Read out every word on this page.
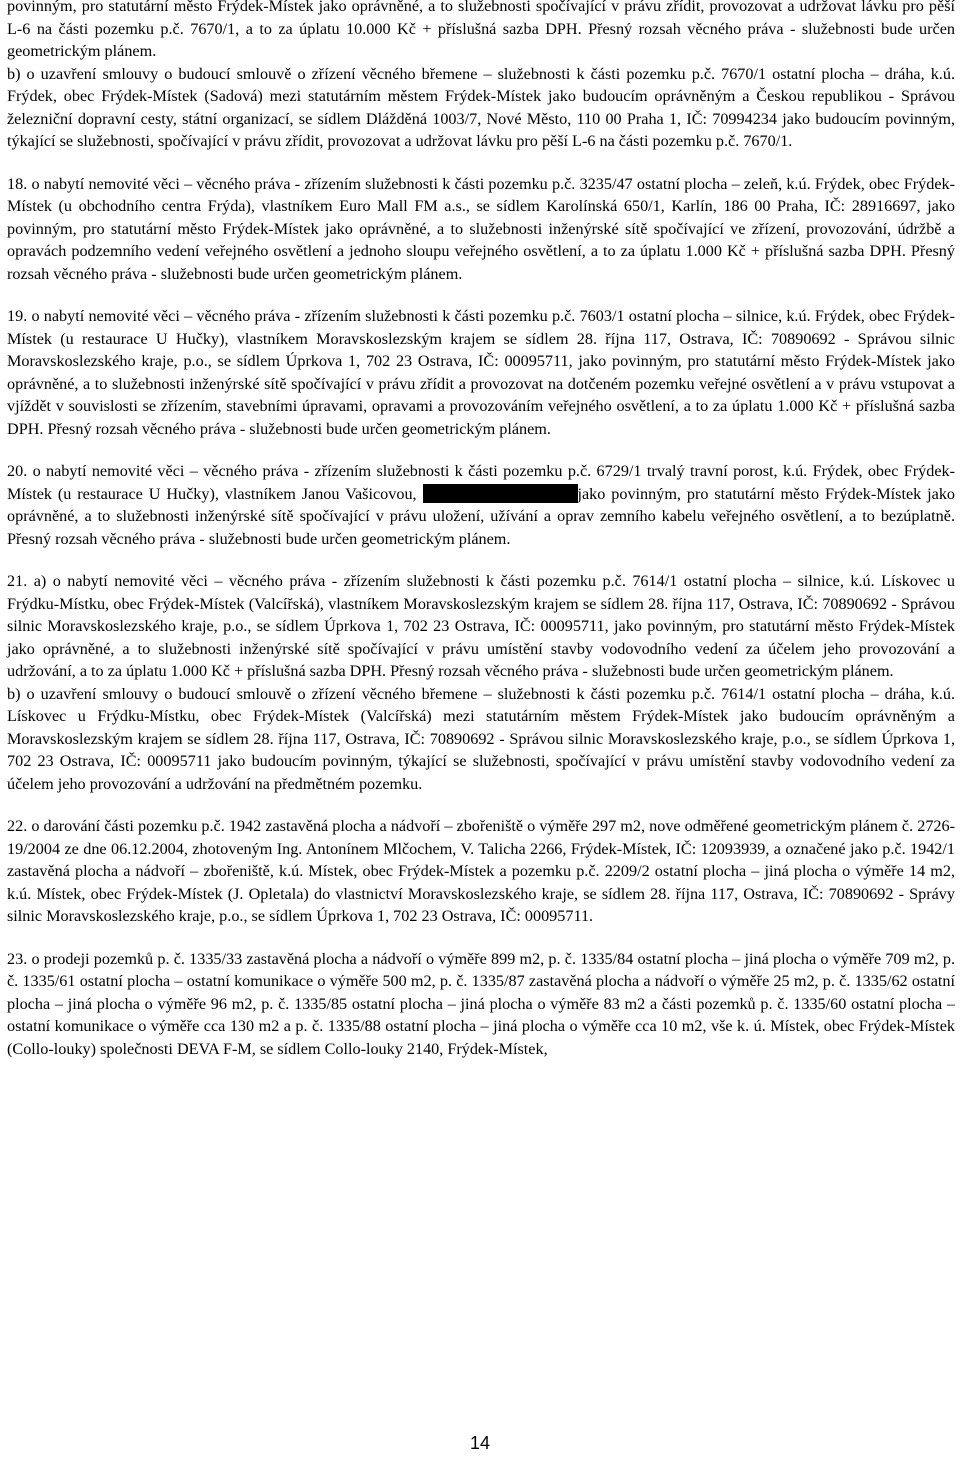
povinným, pro statutární město Frýdek-Místek jako oprávněné, a to služebnosti spočívající v právu zřídit, provozovat a udržovat lávku pro pěší L-6 na části pozemku p.č. 7670/1, a to za úplatu 10.000 Kč + příslušná sazba DPH. Přesný rozsah věcného práva - služebnosti bude určen geometrickým plánem.

b) o uzavření smlouvy o budoucí smlouvě o zřízení věcného břemene – služebnosti k části pozemku p.č. 7670/1 ostatní plocha – dráha, k.ú. Frýdek, obec Frýdek-Místek (Sadová) mezi statutárním městem Frýdek-Místek jako budoucím oprávněným a Českou republikou - Správou železniční dopravní cesty, státní organizací, se sídlem Dlážděná 1003/7, Nové Město, 110 00 Praha 1, IČ: 70994234 jako budoucím povinným, týkající se služebnosti, spočívající v právu zřídit, provozovat a udržovat lávku pro pěší L-6 na části pozemku p.č. 7670/1.

18. o nabytí nemovité věci – věcného práva - zřízením služebnosti k části pozemku p.č. 3235/47 ostatní plocha – zeleň, k.ú. Frýdek, obec Frýdek-Místek (u obchodního centra Frýda), vlastníkem Euro Mall FM a.s., se sídlem Karolínská 650/1, Karlín, 186 00 Praha, IČ: 28916697, jako povinným, pro statutární město Frýdek-Místek jako oprávněné, a to služebnosti inženýrské sítě spočívající ve zřízení, provozování, údržbě a opravách podzemního vedení veřejného osvětlení a jednoho sloupu veřejného osvětlení, a to za úplatu 1.000 Kč + příslušná sazba DPH. Přesný rozsah věcného práva - služebnosti bude určen geometrickým plánem.

19. o nabytí nemovité věci – věcného práva - zřízením služebnosti k části pozemku p.č. 7603/1 ostatní plocha – silnice, k.ú. Frýdek, obec Frýdek-Místek (u restaurace U Hučky), vlastníkem Moravskoslezským krajem se sídlem 28. října 117, Ostrava, IČ: 70890692 - Správou silnic Moravskoslezského kraje, p.o., se sídlem Úprkova 1, 702 23 Ostrava, IČ: 00095711, jako povinným, pro statutární město Frýdek-Místek jako oprávněné, a to služebnosti inženýrské sítě spočívající v právu zřídit a provozovat na dotčeném pozemku veřejné osvětlení a v právu vstupovat a vjíždět v souvislosti se zřízením, stavebními úpravami, opravami a provozováním veřejného osvětlení, a to za úplatu 1.000 Kč + příslušná sazba DPH. Přesný rozsah věcného práva - služebnosti bude určen geometrickým plánem.

20. o nabytí nemovité věci – věcného práva - zřízením služebnosti k části pozemku p.č. 6729/1 trvalý travní porost, k.ú. Frýdek, obec Frýdek-Místek (u restaurace U Hučky), vlastníkem Janou Vašicovou,	jako povinným, pro statutární město Frýdek-Místek jako oprávněné, a to služebnosti inženýrské sítě spočívající v právu uložení, užívání a oprav zemního kabelu veřejného osvětlení, a to bezúplatně. Přesný rozsah věcného práva - služebnosti bude určen geometrickým plánem.

21. a) o nabytí nemovité věci – věcného práva - zřízením služebnosti k části pozemku p.č. 7614/1 ostatní plocha – silnice, k.ú. Lískovec u Frýdku-Místku, obec Frýdek-Místek (Valcířská), vlastníkem Moravskoslezským krajem se sídlem 28. října 117, Ostrava, IČ: 70890692 - Správou silnic Moravskoslezského kraje, p.o., se sídlem Úprkova 1, 702 23 Ostrava, IČ: 00095711, jako povinným, pro statutární město Frýdek-Místek jako oprávněné, a to služebnosti inženýrské sítě spočívající v právu umístění stavby vodovodního vedení za účelem jeho provozování a udržování, a to za úplatu 1.000 Kč + příslušná sazba DPH. Přesný rozsah věcného práva - služebnosti bude určen geometrickým plánem.

b) o uzavření smlouvy o budoucí smlouvě o zřízení věcného břemene – služebnosti k části pozemku p.č. 7614/1 ostatní plocha – dráha, k.ú. Lískovec u Frýdku-Místku, obec Frýdek-Místek (Valcířská) mezi statutárním městem Frýdek-Místek jako budoucím oprávněným a Moravskoslezským krajem se sídlem 28. října 117, Ostrava, IČ: 70890692 - Správou silnic Moravskoslezského kraje, p.o., se sídlem Úprkova 1, 702 23 Ostrava, IČ: 00095711 jako budoucím povinným, týkající se služebnosti, spočívající v právu umístění stavby vodovodního vedení za účelem jeho provozování a udržování na předmětném pozemku.

22. o darování části pozemku p.č. 1942 zastavěná plocha a nádvoří – zbořeniště o výměře 297 m2, nove odměřené geometrickým plánem č. 2726-19/2004 ze dne 06.12.2004, zhotoveným Ing. Antonínem Mlčochem, V. Talicha 2266, Frýdek-Místek, IČ: 12093939, a označené jako p.č. 1942/1 zastavěná plocha a nádvoří – zbořeniště, k.ú. Místek, obec Frýdek-Místek a pozemku p.č. 2209/2 ostatní plocha – jiná plocha o výměře 14 m2, k.ú. Místek, obec Frýdek-Místek (J. Opletala) do vlastnictví Moravskoslezského kraje, se sídlem 28. října 117, Ostrava, IČ: 70890692 - Správy silnic Moravskoslezského kraje, p.o., se sídlem Úprkova 1, 702 23 Ostrava, IČ: 00095711.

23. o prodeji pozemků p. č. 1335/33 zastavěná plocha a nádvoří o výměře 899 m2, p. č. 1335/84 ostatní plocha – jiná plocha o výměře 709 m2, p. č. 1335/61 ostatní plocha – ostatní komunikace o výměře 500 m2, p. č. 1335/87 zastavěná plocha a nádvoří o výměře 25 m2, p. č. 1335/62 ostatní plocha – jiná plocha o výměře 96 m2, p. č. 1335/85 ostatní plocha – jiná plocha o výměře 83 m2 a části pozemků p. č. 1335/60 ostatní plocha – ostatní komunikace o výměře cca 130 m2 a p. č. 1335/88 ostatní plocha – jiná plocha o výměře cca 10 m2, vše k. ú. Místek, obec Frýdek-Místek (Collo-louky) společnosti DEVA F-M, se sídlem Collo-louky 2140, Frýdek-Místek,

14
